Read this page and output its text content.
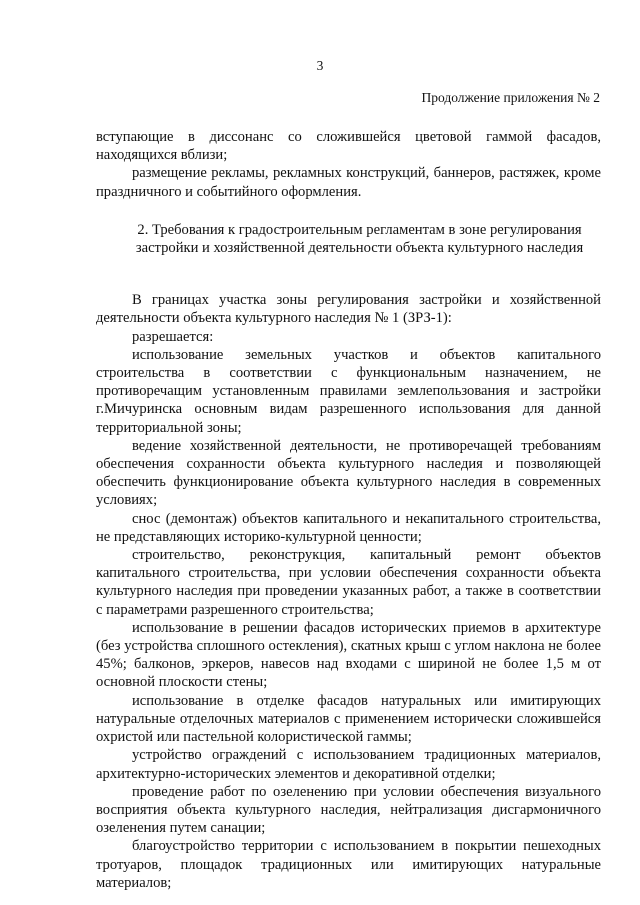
3
Продолжение приложения № 2

вступающие в диссонанс со сложившейся цветовой гаммой фасадов, находящихся вблизи;

размещение рекламы, рекламных конструкций, баннеров, растяжек, кроме праздничного и событийного оформления.

2. Требования к градостроительным регламентам в зоне регулирования застройки и хозяйственной деятельности объекта культурного наследия

В границах участка зоны регулирования застройки и хозяйственной деятельности объекта культурного наследия № 1 (ЗРЗ-1):

разрешается:

использование земельных участков и объектов капитального строительства в соответствии с функциональным назначением, не противоречащим установленным правилами землепользования и застройки г.Мичуринска основным видам разрешенного использования для данной территориальной зоны;

ведение хозяйственной деятельности, не противоречащей требованиям обеспечения сохранности объекта культурного наследия и позволяющей обеспечить функционирование объекта культурного наследия в современных условиях;

снос (демонтаж) объектов капитального и некапитального строительства, не представляющих историко-культурной ценности;

строительство, реконструкция, капитальный ремонт объектов капитального строительства, при условии обеспечения сохранности объекта культурного наследия при проведении указанных работ, а также в соответствии с параметрами разрешенного строительства;

использование в решении фасадов исторических приемов в архитектуре (без устройства сплошного остекления), скатных крыш с углом наклона не более 45%; балконов, эркеров, навесов над входами с шириной не более 1,5 м от основной плоскости стены;

использование в отделке фасадов натуральных или имитирующих натуральные отделочных материалов с применением исторически сложившейся охристой или пастельной колористической гаммы;

устройство ограждений с использованием традиционных материалов, архитектурно-исторических элементов и декоративной отделки;

проведение работ по озеленению при условии обеспечения визуального восприятия объекта культурного наследия, нейтрализация дисгармоничного озеленения путем санации;

благоустройство территории с использованием в покрытии пешеходных тротуаров, площадок традиционных или имитирующих натуральные материалов;
